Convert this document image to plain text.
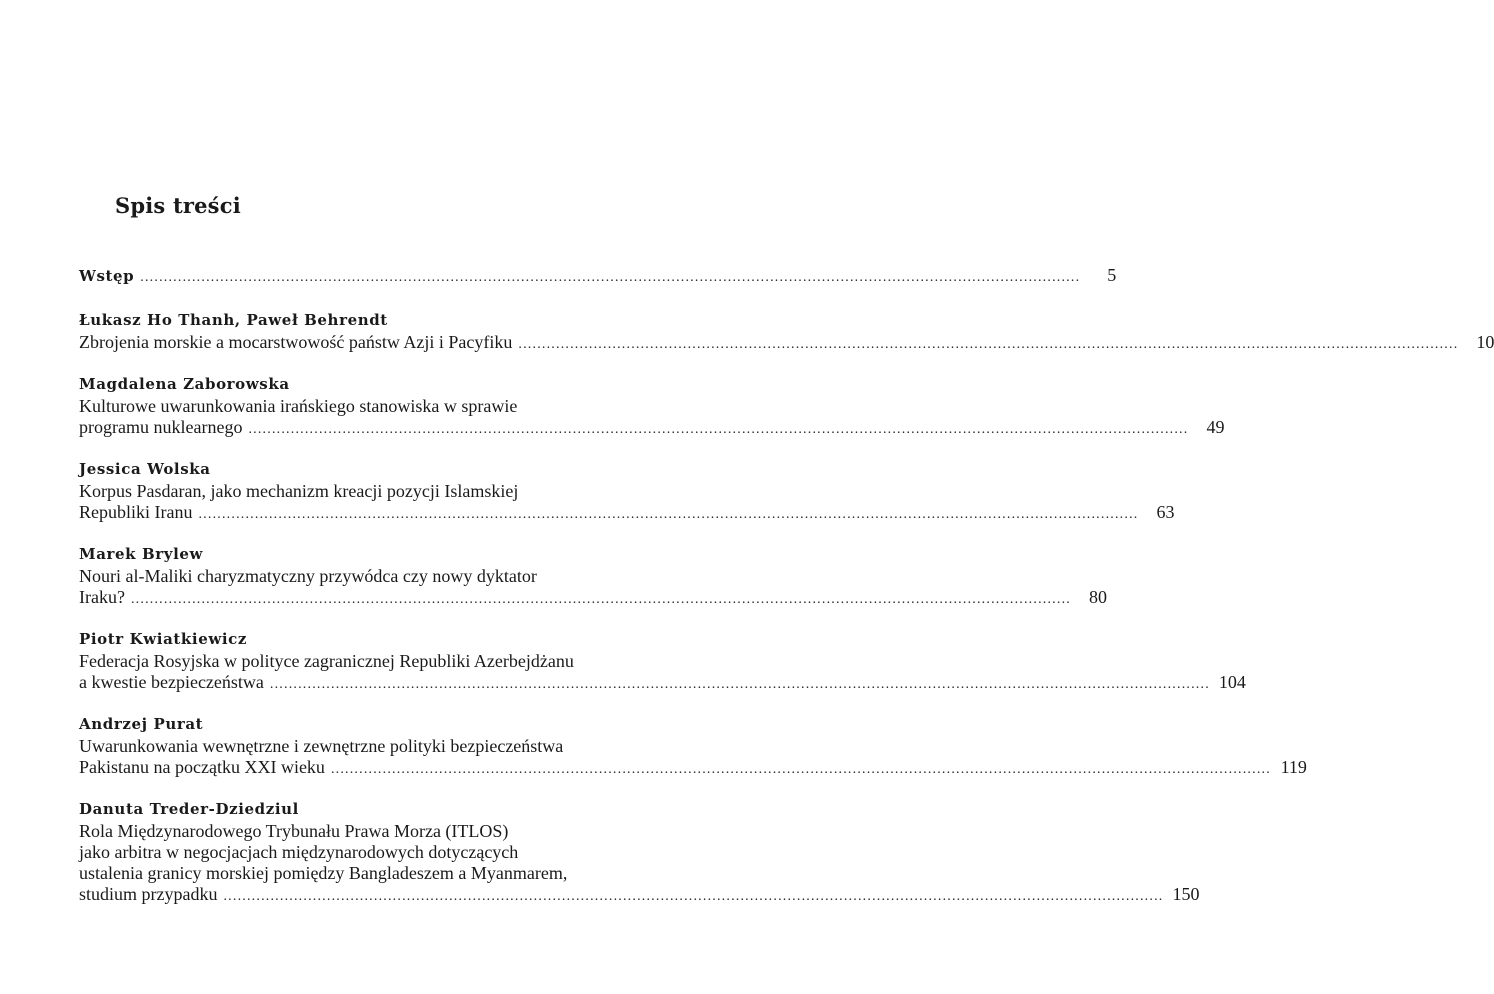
Spis treści
Wstęp ........................................................................................................................................................................................................	5
Łukasz Ho Thanh, Paweł Behrendt
Zbrojenia morskie a mocarstwowość państw Azji i Pacyfiku ........................................................................................................................................................................................................	10
Magdalena Zaborowska
Kulturowe uwarunkowania irańskiego stanowiska w sprawie
programu nuklearnego ........................................................................................................................................................................................................	49
Jessica Wolska
Korpus Pasdaran, jako mechanizm kreacji pozycji Islamskiej
Republiki Iranu ........................................................................................................................................................................................................	63
Marek Brylew
Nouri al-Maliki charyzmatyczny przywódca czy nowy dyktator
Iraku? ........................................................................................................................................................................................................	80
Piotr Kwiatkiewicz
Federacja Rosyjska w polityce zagranicznej Republiki Azerbejdżanu
a kwestie bezpieczeństwa ........................................................................................................................................................................................................ 104
Andrzej Purat
Uwarunkowania wewnętrzne i zewnętrzne polityki bezpieczeństwa
Pakistanu na początku XXI wieku ........................................................................................................................................................................................................ 119
Danuta Treder-Dziedziul
Rola Międzynarodowego Trybunału Prawa Morza (ITLOS)
jako arbitra w negocjacjach międzynarodowych dotyczących
ustalenia granicy morskiej pomiędzy Bangladeszem a Myanmarem,
studium przypadku ........................................................................................................................................................................................................ 150
